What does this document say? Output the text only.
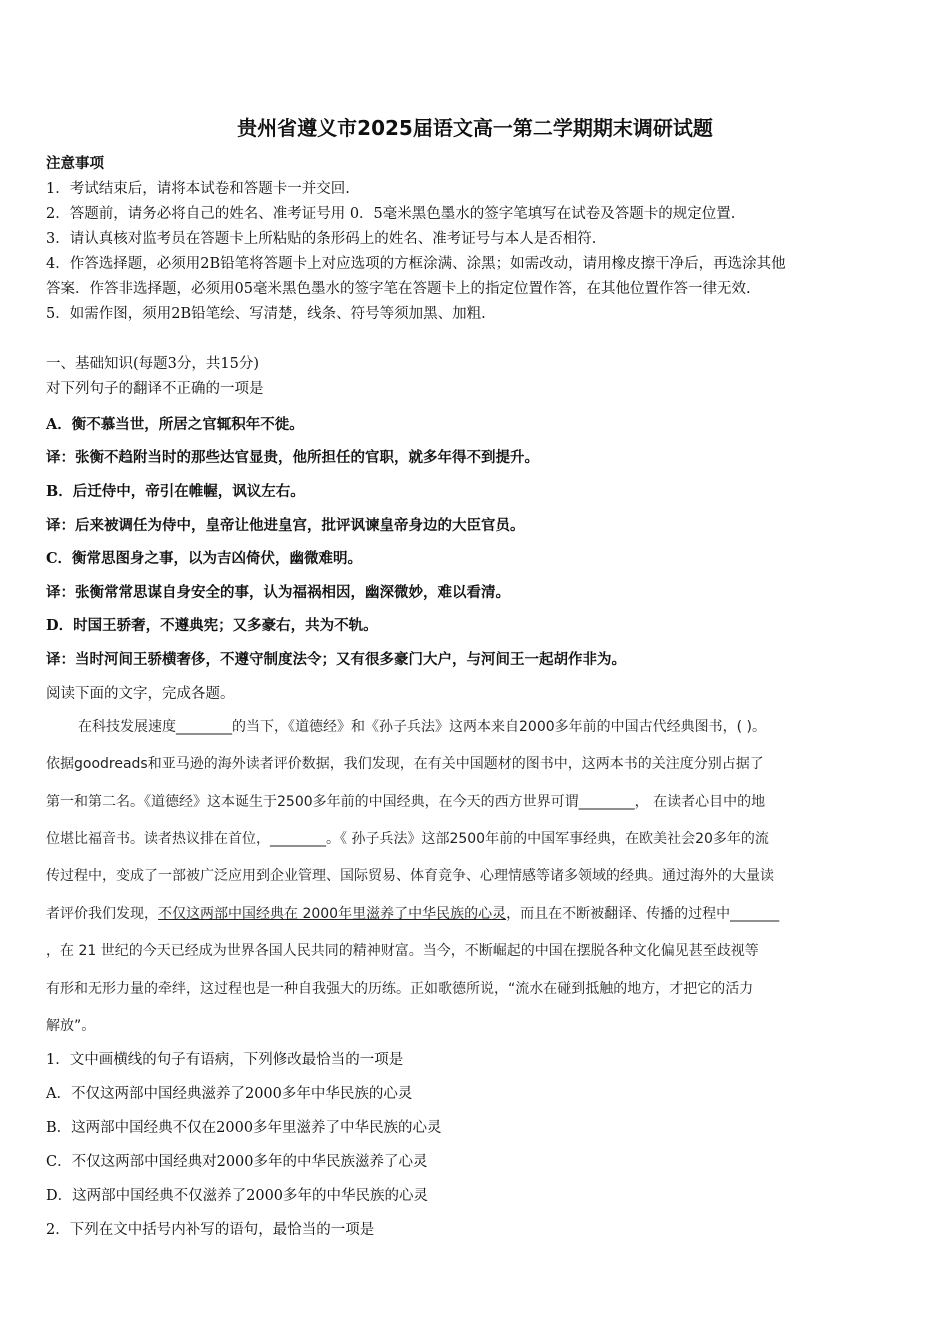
贵州省遵义市2025届语文高一第二学期期末调研试题
注意事项
1．考试结束后，请将本试卷和答题卡一并交回.
2．答题前，请务必将自己的姓名、准考证号用 0．5毫米黑色墨水的签字笔填写在试卷及答题卡的规定位置.
3．请认真核对监考员在答题卡上所粘贴的条形码上的姓名、准考证号与本人是否相符.
4．作答选择题，必须用2B铅笔将答题卡上对应选项的方框涂满、涂黑；如需改动，请用橡皮擦干净后，再选涂其他
答案．作答非选择题，必须用05毫米黑色墨水的签字笔在答题卡上的指定位置作答，在其他位置作答一律无效.
5．如需作图，须用2B铅笔绘、写清楚，线条、符号等须加黑、加粗.
一、基础知识(每题3分，共15分)
对下列句子的翻译不正确的一项是
A．衡不慕当世，所居之官辄积年不徙。
译：张衡不趋附当时的那些达官显贵，他所担任的官职，就多年得不到提升。
B．后迁侍中，帝引在帷幄，讽议左右。
译：后来被调任为侍中，皇帝让他进皇宫，批评讽谏皇帝身边的大臣官员。
C．衡常思图身之事，以为吉凶倚伏，幽微难明。
译：张衡常常思谋自身安全的事，认为福祸相因，幽深微妙，难以看清。
D．时国王骄奢，不遵典宪；又多豪右，共为不轨。
译：当时河间王骄横奢侈，不遵守制度法令；又有很多豪门大户，与河间王一起胡作非为。
阅读下面的文字，完成各题。
在科技发展速度________的当下，《道德经》和《孙子兵法》这两本来自2000多年前的中国古代经典图书，( )。
依据goodreads和亚马逊的海外读者评价数据，我们发现，在有关中国题材的图书中，这两本书的关注度分别占据了
第一和第二名。《道德经》这本诞生于2500多年前的中国经典，在今天的西方世界可谓________， 在读者心目中的地
位堪比福音书。读者热议排在首位，________。《 孙子兵法》这部2500年前的中国军事经典，在欧美社会20多年的流
传过程中，变成了一部被广泛应用到企业管理、国际贸易、体育竞争、心理情感等诸多领域的经典。通过海外的大量读
者评价我们发现，不仅这两部中国经典在 2000年里滋养了中华民族的心灵，而且在不断被翻译、传播的过程中_______
，在 21 世纪的今天已经成为世界各国人民共同的精神财富。当今，不断崛起的中国在摆脱各种文化偏见甚至歧视等
有形和无形力量的牵绊，这过程也是一种自我强大的历练。正如歌德所说，“流水在碰到抵触的地方，才把它的活力
解放”。
1．文中画横线的句子有语病，下列修改最恰当的一项是
A．不仅这两部中国经典滋养了2000多年中华民族的心灵
B．这两部中国经典不仅在2000多年里滋养了中华民族的心灵
C．不仅这两部中国经典对2000多年的中华民族滋养了心灵
D．这两部中国经典不仅滋养了2000多年的中华民族的心灵
2．下列在文中括号内补写的语句，最恰当的一项是
